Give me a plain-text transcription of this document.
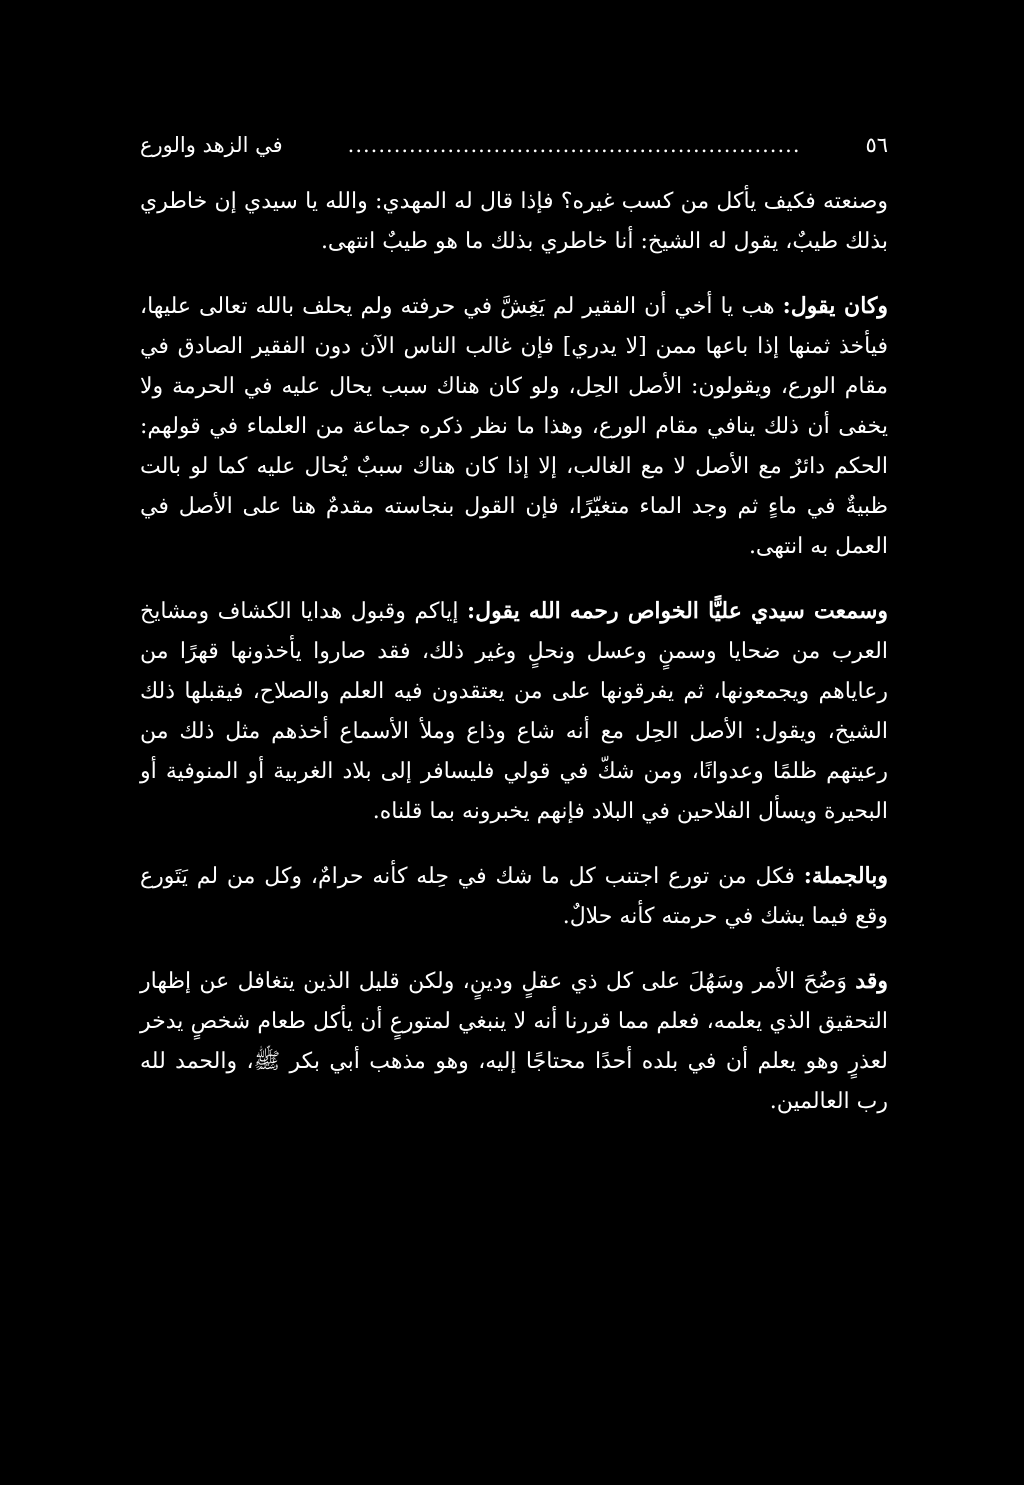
٥٦
...........................................................
في الزهد والورع

وصنعته فكيف يأكل من كسب غيره؟ فإذا قال له المهدي: والله يا سيدي إن خاطري بذلك طيبٌ، يقول له الشيخ: أنا خاطري بذلك ما هو طيبٌ انتهى.

وكان يقول: هب يا أخي أن الفقير لم يَغِشَّ في حرفته ولم يحلف بالله تعالى عليها، فيأخذ ثمنها إذا باعها ممن [لا يدري] فإن غالب الناس الآن دون الفقير الصادق في مقام الورع، ويقولون: الأصل الحِل، ولو كان هناك سبب يحال عليه في الحرمة ولا يخفى أن ذلك ينافي مقام الورع، وهذا ما نظر ذكره جماعة من العلماء في قولهم: الحكم دائرٌ مع الأصل لا مع الغالب، إلا إذا كان هناك سببٌ يُحال عليه كما لو بالت ظبيةٌ في ماءٍ ثم وجد الماء متغيّرًا، فإن القول بنجاسته مقدمٌ هنا على الأصل في العمل به انتهى.

وسمعت سيدي عليًّا الخواص رحمه الله يقول: إياكم وقبول هدايا الكشاف ومشايخ العرب من ضحايا وسمنٍ وعسل ونحلٍ وغير ذلك، فقد صاروا يأخذونها قهرًا من رعاياهم ويجمعونها، ثم يفرقونها على من يعتقدون فيه العلم والصلاح، فيقبلها ذلك الشيخ، ويقول: الأصل الحِل مع أنه شاع وذاع وملأ الأسماع أخذهم مثل ذلك من رعيتهم ظلمًا وعدوانًا، ومن شكّ في قولي فليسافر إلى بلاد الغربية أو المنوفية أو البحيرة ويسأل الفلاحين في البلاد فإنهم يخبرونه بما قلناه.

وبالجملة: فكل من تورع اجتنب كل ما شك في حِله كأنه حرامٌ، وكل من لم يَتَورع وقع فيما يشك في حرمته كأنه حلالٌ.

وقد وَضُحَ الأمر وسَهُلَ على كل ذي عقلٍ ودينٍ، ولكن قليل الذين يتغافل عن إظهار التحقيق الذي يعلمه، فعلم مما قررنا أنه لا ينبغي لمتورعٍ أن يأكل طعام شخصٍ يدخر لعذرٍ وهو يعلم أن في بلده أحدًا محتاجًا إليه، وهو مذهب أبي بكر ﷺ، والحمد لله رب العالمين.
